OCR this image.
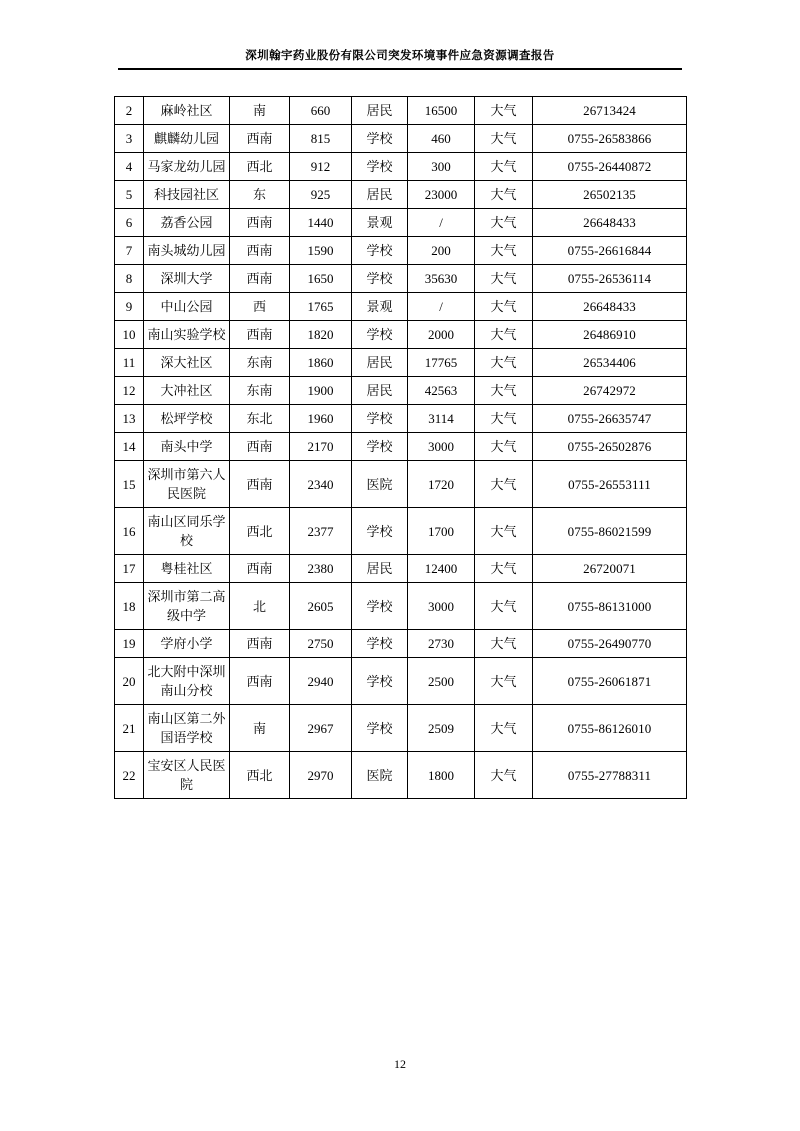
深圳翰宇药业股份有限公司突发环境事件应急资源调查报告
2	麻岭社区	南	660	居民	16500	大气	26713424
3	麒麟幼儿园	西南	815	学校	460	大气	0755-26583866
4	马家龙幼儿园	西北	912	学校	300	大气	0755-26440872
5	科技园社区	东	925	居民	23000	大气	26502135
6	荔香公园	西南	1440	景观	/	大气	26648433
7	南头城幼儿园	西南	1590	学校	200	大气	0755-26616844
8	深圳大学	西南	1650	学校	35630	大气	0755-26536114
9	中山公园	西	1765	景观	/	大气	26648433
10	南山实验学校	西南	1820	学校	2000	大气	26486910
11	深大社区	东南	1860	居民	17765	大气	26534406
12	大冲社区	东南	1900	居民	42563	大气	26742972
13	松坪学校	东北	1960	学校	3114	大气	0755-26635747
14	南头中学	西南	2170	学校	3000	大气	0755-26502876
15	深圳市第六人民医院	西南	2340	医院	1720	大气	0755-26553111
16	南山区同乐学校	西北	2377	学校	1700	大气	0755-86021599
17	粤桂社区	西南	2380	居民	12400	大气	26720071
18	深圳市第二高级中学	北	2605	学校	3000	大气	0755-86131000
19	学府小学	西南	2750	学校	2730	大气	0755-26490770
20	北大附中深圳南山分校	西南	2940	学校	2500	大气	0755-26061871
21	南山区第二外国语学校	南	2967	学校	2509	大气	0755-86126010
22	宝安区人民医院	西北	2970	医院	1800	大气	0755-27788311
12
